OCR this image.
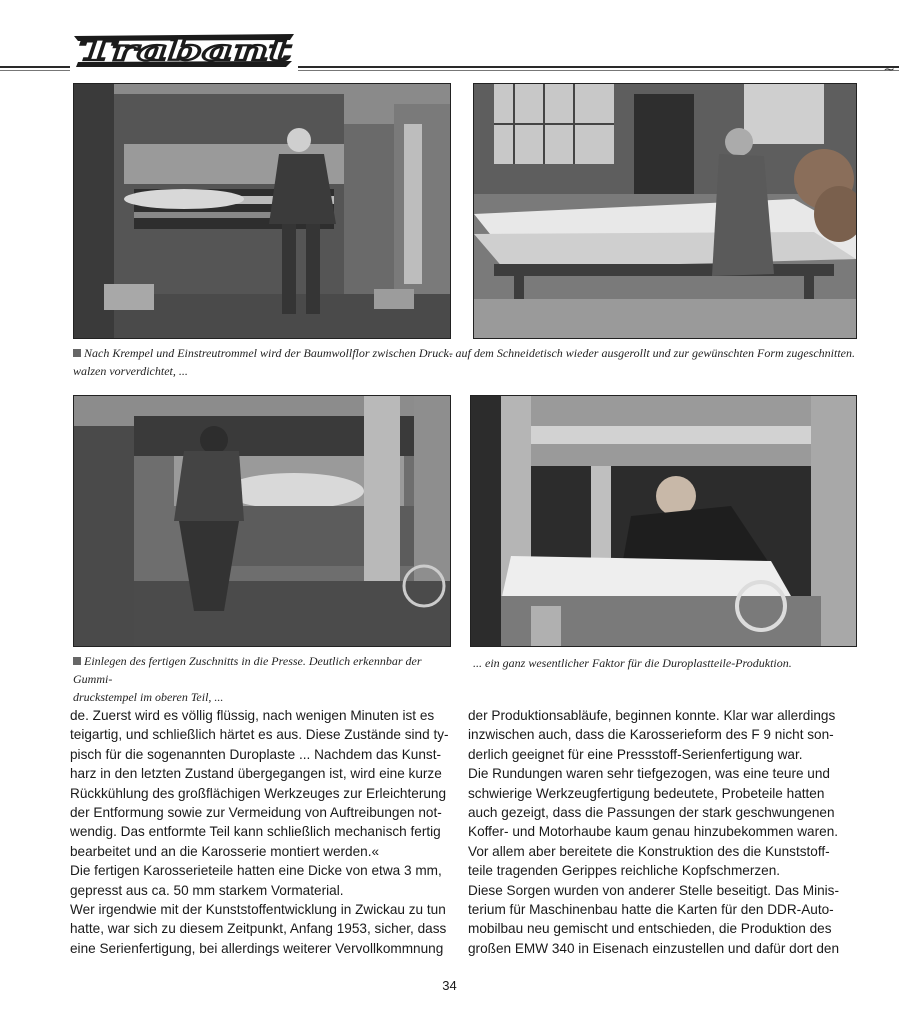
Trabant
~
Nach Krempel und Einstreutrommel wird der Baumwollflor zwischen Druck-
walzen vorverdichtet, ...
... auf dem Schneidetisch wieder ausgerollt und zur gewünschten Form zugeschnitten.
Einlegen des fertigen Zuschnitts in die Presse. Deutlich erkennbar der Gummi-
druckstempel im oberen Teil, ...
... ein ganz wesentlicher Faktor für die Duroplastteile-Produktion.

de. Zuerst wird es völlig flüssig, nach wenigen Minuten ist es

teigartig, und schließlich härtet es aus. Diese Zustände sind ty-

pisch für die sogenannten Duroplaste ... Nachdem das Kunst-

harz in den letzten Zustand übergegangen ist, wird eine kurze

Rückkühlung des großflächigen Werkzeuges zur Erleichterung

der Entformung sowie zur Vermeidung von Auftreibungen not-

wendig. Das entformte Teil kann schließlich mechanisch fertig

bearbeitet und an die Karosserie montiert werden.«

Die fertigen Karosserieteile hatten eine Dicke von etwa 3 mm,

gepresst aus ca. 50 mm starkem Vormaterial.

Wer irgendwie mit der Kunststoffentwicklung in Zwickau zu tun

hatte, war sich zu diesem Zeitpunkt, Anfang 1953, sicher, dass

eine Serienfertigung, bei allerdings weiterer Vervollkommnung

der Produktionsabläufe, beginnen konnte. Klar war allerdings

inzwischen auch, dass die Karosserieform des F 9 nicht son-

derlich geeignet für eine Pressstoff-Serienfertigung war.

Die Rundungen waren sehr tiefgezogen, was eine teure und

schwierige Werkzeugfertigung bedeutete, Probeteile hatten

auch gezeigt, dass die Passungen der stark geschwungenen

Koffer- und Motorhaube kaum genau hinzubekommen waren.

Vor allem aber bereitete die Konstruktion des die Kunststoff-

teile tragenden Gerippes reichliche Kopfschmerzen.

Diese Sorgen wurden von anderer Stelle beseitigt. Das Minis-

terium für Maschinenbau hatte die Karten für den DDR-Auto-

mobilbau neu gemischt und entschieden, die Produktion des

großen EMW 340 in Eisenach einzustellen und dafür dort den

34
